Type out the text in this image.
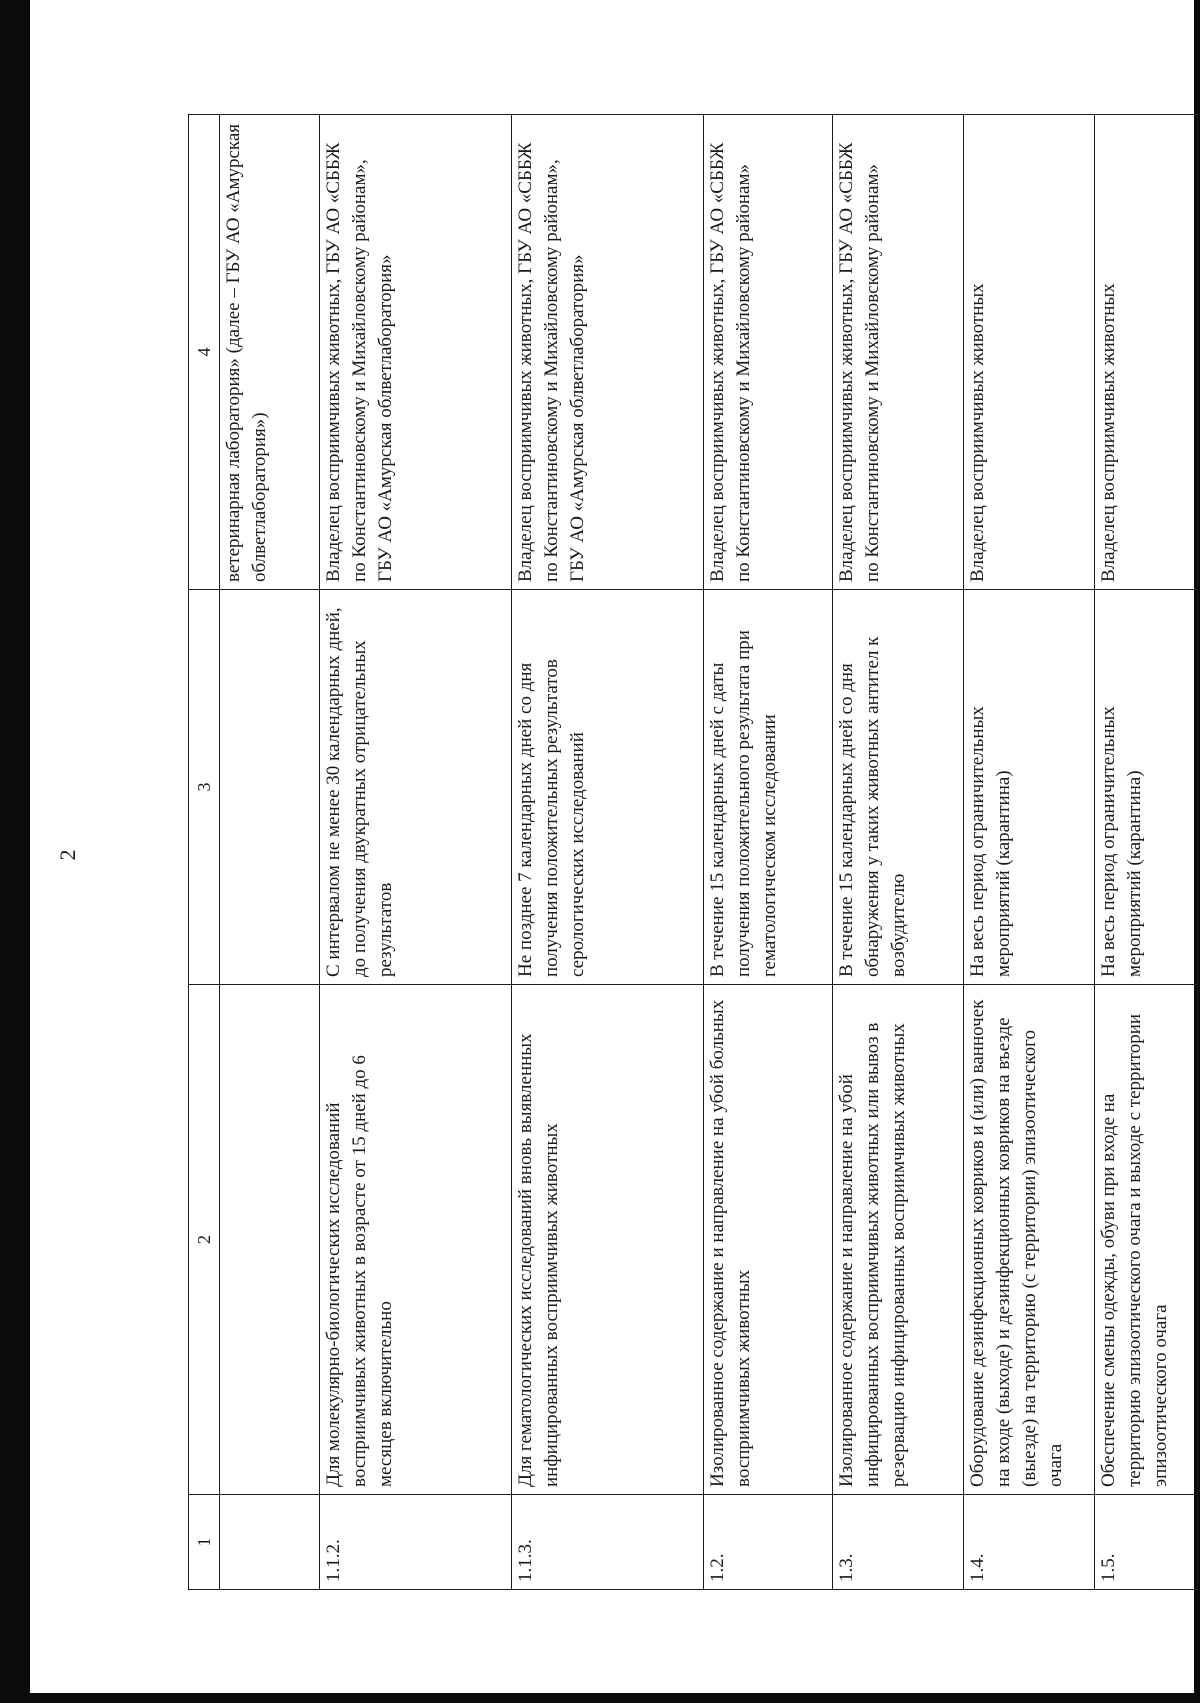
2
1	2	3	4
			ветеринарная лаборатория» (далее – ГБУ АО «Амурская облветлаборатория»)
1.1.2.	Для молекулярно-биологических исследований восприимчивых животных в возрасте от 15 дней до 6 месяцев включительно	С интервалом не менее 30 календарных дней, до получения двукратных отрицательных результатов	Владелец восприимчивых животных, ГБУ АО «СББЖ по Константиновскому и Михайловскому районам», ГБУ АО «Амурская облветлаборатория»
1.1.3.	Для гематологических исследований вновь выявленных инфицированных восприимчивых животных	Не позднее 7 календарных дней со дня получения положительных результатов серологических исследований	Владелец восприимчивых животных, ГБУ АО «СББЖ по Константиновскому и Михайловскому районам», ГБУ АО «Амурская облветлаборатория»
1.2.	Изолированное содержание и направление на убой больных восприимчивых животных	В течение 15 календарных дней с даты получения положительного результата при гематологическом исследовании	Владелец восприимчивых животных, ГБУ АО «СББЖ по Константиновскому и Михайловскому районам»
1.3.	Изолированное содержание и направление на убой инфицированных восприимчивых животных или вывоз в резервацию инфицированных восприимчивых животных	В течение 15 календарных дней со дня обнаружения у таких животных антител к возбудителю	Владелец восприимчивых животных, ГБУ АО «СББЖ по Константиновскому и Михайловскому районам»
1.4.	Оборудование дезинфекционных ковриков и (или) ванночек на входе (выходе) и дезинфекционных ковриков на въезде (выезде) на территорию (с территории) эпизоотического очага	На весь период ограничительных мероприятий (карантина)	Владелец восприимчивых животных
1.5.	Обеспечение смены одежды, обуви при входе на территорию эпизоотического очага и выходе с территории эпизоотического очага	На весь период ограничительных мероприятий (карантина)	Владелец восприимчивых животных
